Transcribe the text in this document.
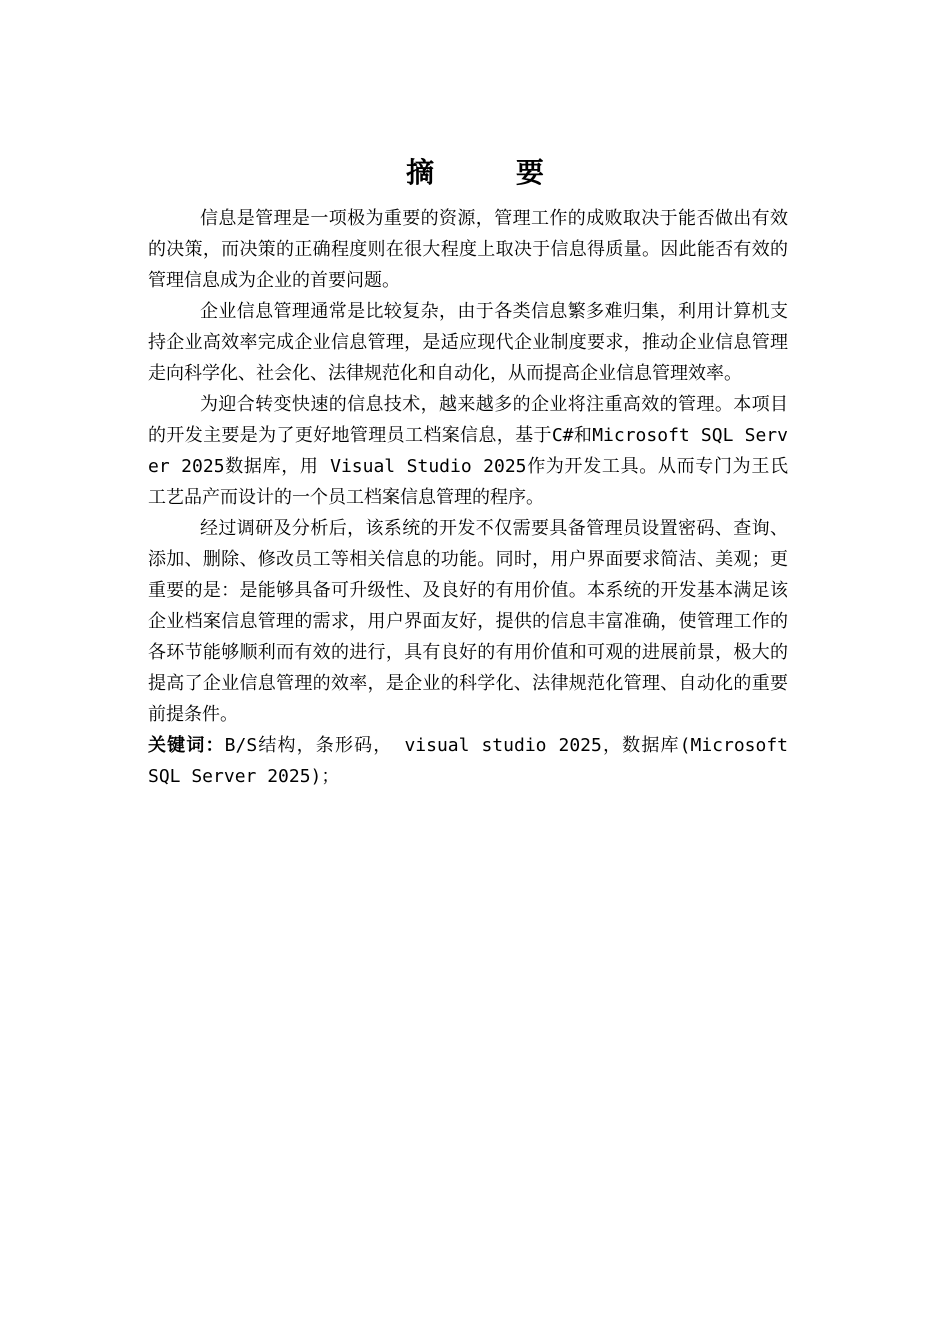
摘 要

信息是管理是一项极为重要的资源，管理工作的成败取决于能否做出有效的决策，而决策的正确程度则在很大程度上取决于信息得质量。因此能否有效的管理信息成为企业的首要问题。

企业信息管理通常是比较复杂，由于各类信息繁多难归集，利用计算机支持企业高效率完成企业信息管理，是适应现代企业制度要求，推动企业信息管理走向科学化、社会化、法律规范化和自动化，从而提高企业信息管理效率。

为迎合转变快速的信息技术，越来越多的企业将注重高效的管理。本项目的开发主要是为了更好地管理员工档案信息，基于C#和Microsoft SQL Server 2025数据库，用 Visual Studio 2025作为开发工具。从而专门为王氏工艺品产而设计的一个员工档案信息管理的程序。

经过调研及分析后，该系统的开发不仅需要具备管理员设置密码、查询、添加、删除、修改员工等相关信息的功能。同时，用户界面要求简洁、美观；更重要的是：是能够具备可升级性、及良好的有用价值。本系统的开发基本满足该企业档案信息管理的需求，用户界面友好，提供的信息丰富准确，使管理工作的各环节能够顺利而有效的进行，具有良好的有用价值和可观的进展前景，极大的提高了企业信息管理的效率，是企业的科学化、法律规范化管理、自动化的重要前提条件。

关键词：B/S结构，条形码， visual studio 2025，数据库(Microsoft SQL Server 2025)；
